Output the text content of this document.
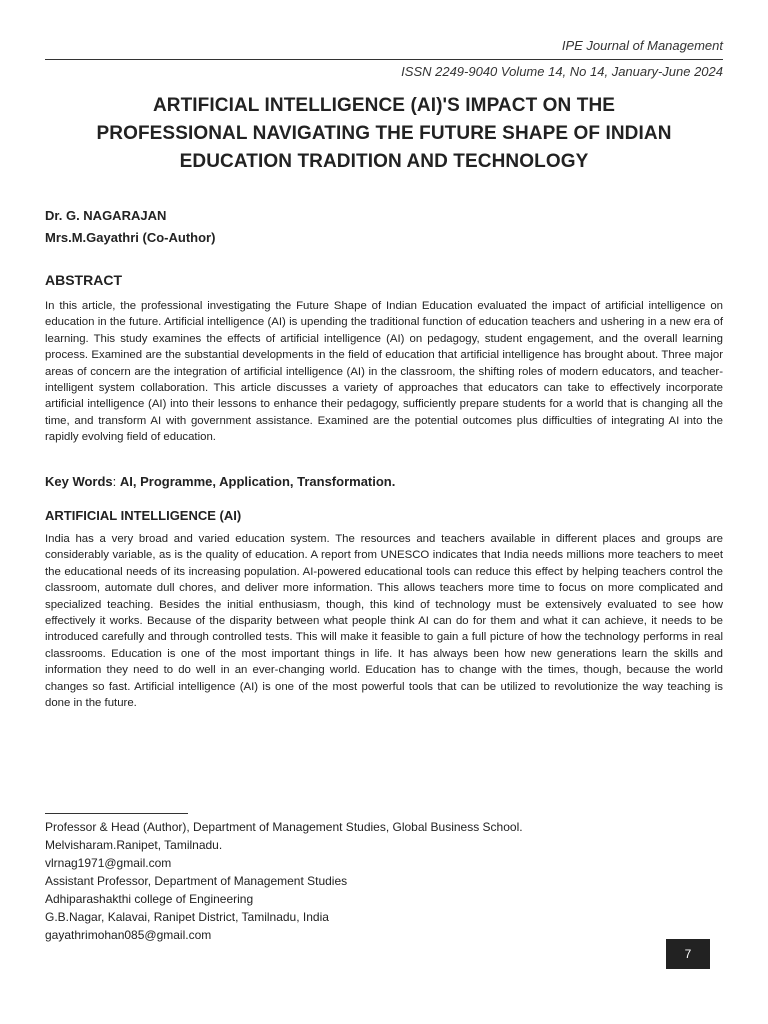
IPE Journal of Management
ISSN 2249-9040 Volume 14, No 14, January-June 2024
ARTIFICIAL INTELLIGENCE (AI)'S IMPACT ON THE
PROFESSIONAL NAVIGATING THE FUTURE SHAPE OF INDIAN
EDUCATION TRADITION AND TECHNOLOGY
Dr. G. NAGARAJAN
Mrs.M.Gayathri (Co-Author)
ABSTRACT

In this article, the professional investigating the Future Shape of Indian Education evaluated the impact of artificial intelligence on education in the future. Artificial intelligence (AI) is upending the traditional function of education teachers and ushering in a new era of learning. This study examines the effects of artificial intelligence (AI) on pedagogy, student engagement, and the overall learning process. Examined are the substantial developments in the field of education that artificial intelligence has brought about. Three major areas of concern are the integration of artificial intelligence (AI) in the classroom, the shifting roles of modern educators, and teacher-intelligent system collaboration. This article discusses a variety of approaches that educators can take to effectively incorporate artificial intelligence (AI) into their lessons to enhance their pedagogy, sufficiently prepare students for a world that is changing all the time, and transform AI with government assistance. Examined are the potential outcomes plus difficulties of integrating AI into the rapidly evolving field of education.

Key Words: AI, Programme, Application, Transformation.
ARTIFICIAL INTELLIGENCE (AI)

India has a very broad and varied education system. The resources and teachers available in different places and groups are considerably variable, as is the quality of education. A report from UNESCO indicates that India needs millions more teachers to meet the educational needs of its increasing population. AI-powered educational tools can reduce this effect by helping teachers control the classroom, automate dull chores, and deliver more information. This allows teachers more time to focus on more complicated and specialized teaching. Besides the initial enthusiasm, though, this kind of technology must be extensively evaluated to see how effectively it works. Because of the disparity between what people think AI can do for them and what it can achieve, it needs to be introduced carefully and through controlled tests. This will make it feasible to gain a full picture of how the technology performs in real classrooms. Education is one of the most important things in life. It has always been how new generations learn the skills and information they need to do well in an ever-changing world. Education has to change with the times, though, because the world changes so fast. Artificial intelligence (AI) is one of the most powerful tools that can be utilized to revolutionize the way teaching is done in the future.

Professor & Head (Author), Department of Management Studies, Global Business School.
Melvisharam.Ranipet, Tamilnadu.
vlrnag1971@gmail.com
Assistant Professor, Department of Management Studies
Adhiparashakthi college of Engineering
G.B.Nagar, Kalavai, Ranipet District, Tamilnadu, India
gayathrimohan085@gmail.com
7
